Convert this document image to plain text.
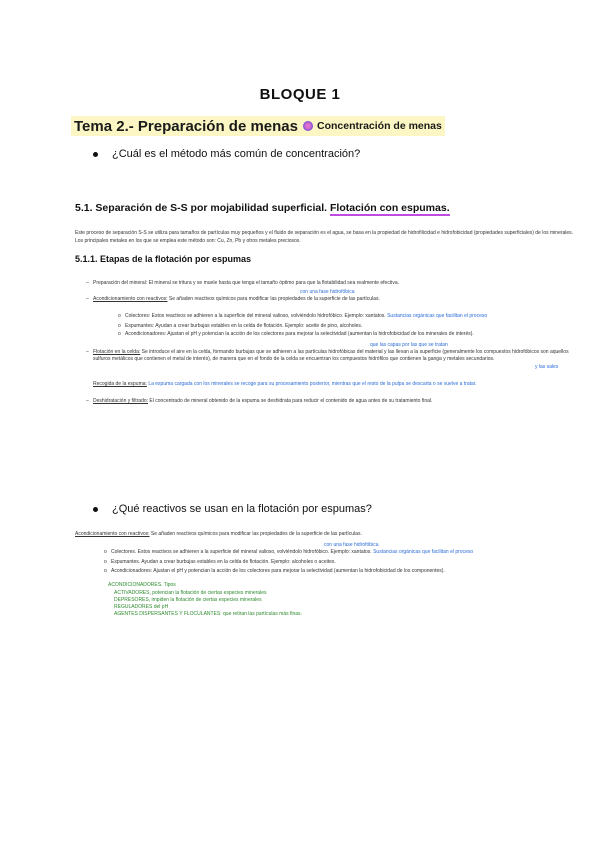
BLOQUE 1
Tema 2.- Preparación de menas Concentración de menas
¿Cuál es el método más común de concentración?
5.1. Separación de S-S por mojabilidad superficial. Flotación con espumas.
Este proceso de separación S-S se utiliza para tamaños de partículas muy pequeños y el fluido de separación es el agua, se basa en la propiedad de hidrofilicidad e hidrofobicidad (propiedades superficiales) de los minerales. Los principales metales en los que se emplea este método son: Cu, Zn, Pb y otros metales preciosos.
5.1.1. Etapas de la flotación por espumas
– Preparación del mineral: El mineral se tritura y se muele hasta que tenga el tamaño óptimo para que la flotabilidad sea realmente efectiva.
con una fase hidrofóbica
– Acondicionamiento con reactivos: Se añaden reactivos químicos para modificar las propiedades de la superficie de las partículas.
o Colectores: Estos reactivos se adhieren a la superficie del mineral valioso, volviéndolo hidrofóbico. Ejemplo: xantatos. Sustancias orgánicas que facilitan el proceso
o Espumantes: Ayudan a crear burbujas estables en la celda de flotación. Ejemplo: aceite de pino, alcoholes.
o Acondicionadores: Ajustan el pH y potencian la acción de los colectores para mejorar la selectividad (aumentan la hidrofobicidad de los minerales de interés).
que las capas por las que se tratan
– Flotación en la celda: Se introduce el aire en la celda, formando burbujas que se adhieren a las partículas hidrofóbicas del material y las llevan a la superficie (generalmente los compuestos hidrofóbicos son aquellos sulfuros metálicos que contienen el metal de interés), de manera que en el fondo de la celda se encuentran los compuestos hidrófilos que contienen la ganga y metales secundarios.
y las sales
Recogida de la espuma: La espuma cargada con los minerales se recoge para su procesamiento posterior, mientras que el resto de la pulpa se descarta o se vuelve a tratar.
– Deshidratación y filtrado: El concentrado de mineral obtenido de la espuma se deshidrata para reducir el contenido de agua antes de su tratamiento final.
¿Qué reactivos se usan en la flotación por espumas?
Acondicionamiento con reactivos: Se añaden reactivos químicos para modificar las propiedades de la superficie de las partículas.
con una fase hidrofóbica
o Colectores. Estos reactivos se adhieren a la superficie del mineral valioso, volviéndolo hidrofóbico. Ejemplo: xantatos. Sustancias orgánicas que facilitan el proceso
o Espumantes. Ayudan a crear burbujas estables en la celda de flotación. Ejemplo: alcoholes o aceites.
o Acondicionadores: Ajustan el pH y potencian la acción de los colectores para mejorar la selectividad (aumentan la hidrofobicidad de los componentes).
ACONDICIONADORES. Tipos
ACTIVADORES, potencian la flotación de ciertas especies minerales
DEPRESORES, impiden la flotación de ciertas especies minerales
REGULADORES del pH
AGENTES DISPERSANTES Y FLOCULANTES: que retiran las partículas más finas.
